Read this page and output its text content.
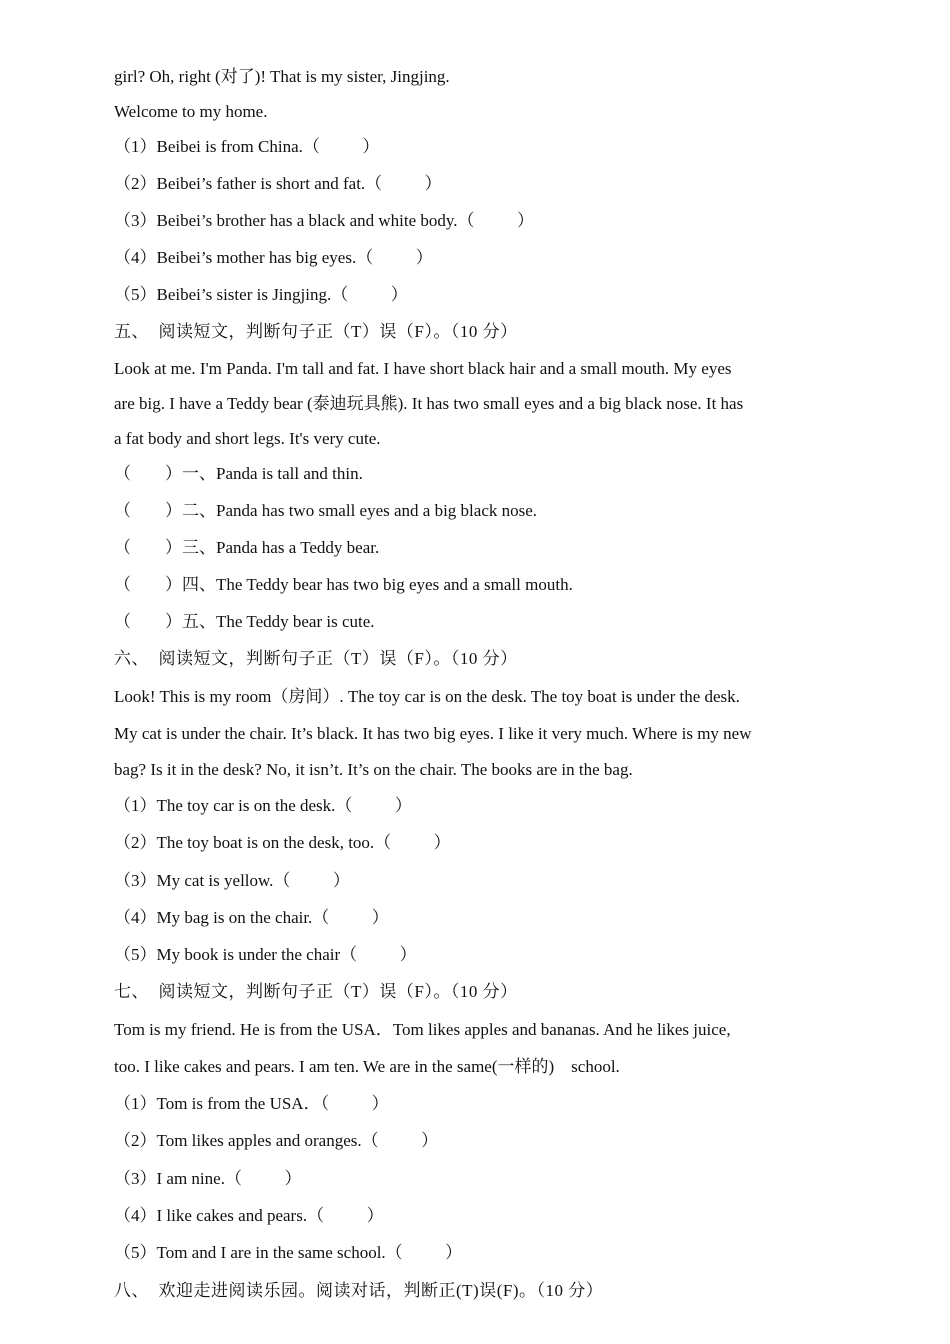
girl? Oh, right (对了)! That is my sister, Jingjing.
Welcome to my home.
（1）Beibei is from China.（          ）
（2）Beibei’s father is short and fat.（          ）
（3）Beibei’s brother has a black and white body.（          ）
（4）Beibei’s mother has big eyes.（          ）
（5）Beibei’s sister is Jingjing.（          ）
五、  阅读短文，判断句子正（T）误（F）。（10 分）
Look at me. I'm Panda. I'm tall and fat. I have short black hair and a small mouth. My eyes
are big. I have a Teddy bear (泰迪玩具熊). It has two small eyes and a big black nose. It has
a fat body and short legs. It's very cute.
（        ）一、Panda is tall and thin.
（        ）二、Panda has two small eyes and a big black nose.
（        ）三、Panda has a Teddy bear.
（        ）四、The Teddy bear has two big eyes and a small mouth.
（        ）五、The Teddy bear is cute.
六、  阅读短文，判断句子正（T）误（F）。（10 分）
Look! This is my room（房间）. The toy car is on the desk. The toy boat is under the desk.
My cat is under the chair. It’s black. It has two big eyes. I like it very much. Where is my new
bag? Is it in the desk? No, it isn’t. It’s on the chair. The books are in the bag.
（1）The toy car is on the desk.（          ）
（2）The toy boat is on the desk, too.（          ）
（3）My cat is yellow.（          ）
（4）My bag is on the chair.（          ）
（5）My book is under the chair（          ）
七、  阅读短文，判断句子正（T）误（F）。（10 分）
Tom is my friend. He is from the USA．Tom likes apples and bananas. And he likes juice,
too. I like cakes and pears. I am ten. We are in the same(一样的)    school.
（1）Tom is from the USA．（          ）
（2）Tom likes apples and oranges.（          ）
（3）I am nine.（          ）
（4）I like cakes and pears.（          ）
（5）Tom and I are in the same school.（          ）
八、  欢迎走进阅读乐园。阅读对话，判断正(T)误(F)。（10 分）
